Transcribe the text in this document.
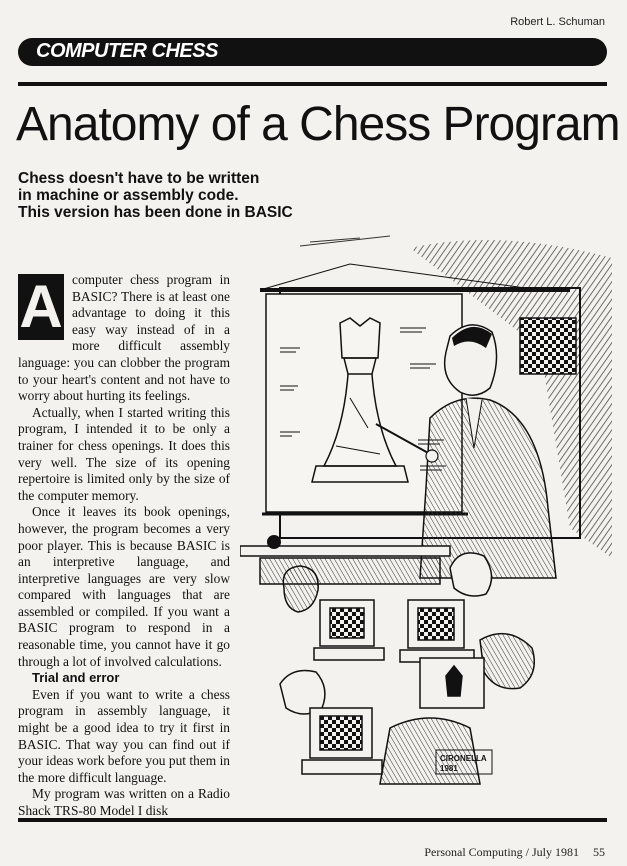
Robert L. Schuman
COMPUTER CHESS
Anatomy of a Chess Program
Chess doesn't have to be written
in machine or assembly code.
This version has been done in BASIC

A computer chess program in BASIC? There is at least one advantage to doing it this easy way instead of in a more difficult assembly language: you can clobber the program to your heart's content and not have to worry about hurting its feelings.

Actually, when I started writing this program, I intended it to be only a trainer for chess openings. It does this very well. The size of its opening repertoire is limited only by the size of the computer memory.

Once it leaves its book openings, however, the program becomes a very poor player. This is because BASIC is an interpretive language, and interpretive languages are very slow compared with languages that are assembled or compiled. If you want a BASIC program to respond in a reasonable time, you cannot have it go through a lot of involved calculations.

Trial and error

Even if you want to write a chess program in assembly language, it might be a good idea to try it first in BASIC. That way you can find out if your ideas work before you put them in the more difficult language.

My program was written on a Radio Shack TRS-80 Model I disk

CIRONELLA
1981
Personal Computing / July 1981 55
